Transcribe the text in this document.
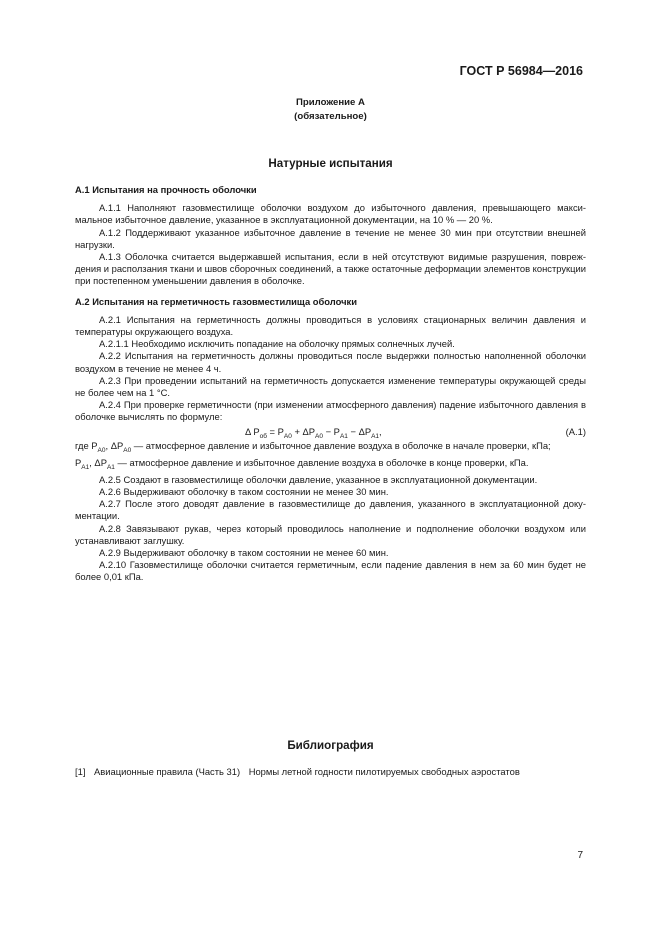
ГОСТ Р 56984—2016
Приложение А
(обязательное)
Натурные испытания

А.1 Испытания на прочность оболочки

А.1.1 Наполняют газовместилище оболочки воздухом до избыточного давления, превышающего макси-мальное избыточное давление, указанное в эксплуатационной документации, на 10 % — 20 %.

А.1.2 Поддерживают указанное избыточное давление в течение не менее 30 мин при отсутствии внешней нагрузки.

А.1.3 Оболочка считается выдержавшей испытания, если в ней отсутствуют видимые разрушения, повреж-дения и расползания ткани и швов сборочных соединений, а также остаточные деформации элементов конструкции при постепенном уменьшении давления в оболочке.

А.2 Испытания на герметичность газовместилища оболочки

А.2.1 Испытания на герметичность должны проводиться в условиях стационарных величин давления и температуры окружающего воздуха.

А.2.1.1 Необходимо исключить попадание на оболочку прямых солнечных лучей.

А.2.2 Испытания на герметичность должны проводиться после выдержки полностью наполненной оболочки воздухом в течение не менее 4 ч.

А.2.3 При проведении испытаний на герметичность допускается изменение температуры окружающей среды не более чем на 1 °С.

А.2.4 При проверке герметичности (при изменении атмосферного давления) падение избыточного давления в оболочке вычислять по формуле:

Δ $P_{об} = P_{А0} + \Delta P_{А0} - P_{А1} - \Delta P_{А1}$,	(А.1)

где $P_{А0}$, $\Delta P_{А0}$ — атмосферное давление и избыточное давление воздуха в оболочке в начале проверки, кПа;

$P_{А1}$, $\Delta P_{А1}$ — атмосферное давление и избыточное давление воздуха в оболочке в конце проверки, кПа.

А.2.5 Создают в газовместилище оболочки давление, указанное в эксплуатационной документации.

А.2.6 Выдерживают оболочку в таком состоянии не менее 30 мин.

А.2.7 После этого доводят давление в газовместилище до давления, указанного в эксплуатационной доку-ментации.

А.2.8 Завязывают рукав, через который проводилось наполнение и подполнение оболочки воздухом или устанавливают заглушку.

А.2.9 Выдерживают оболочку в таком состоянии не менее 60 мин.

А.2.10 Газовместилище оболочки считается герметичным, если падение давления в нем за 60 мин будет не более 0,01 кПа.

Библиография
[1] Авиационные правила (Часть 31) Нормы летной годности пилотируемых свободных аэростатов
7
